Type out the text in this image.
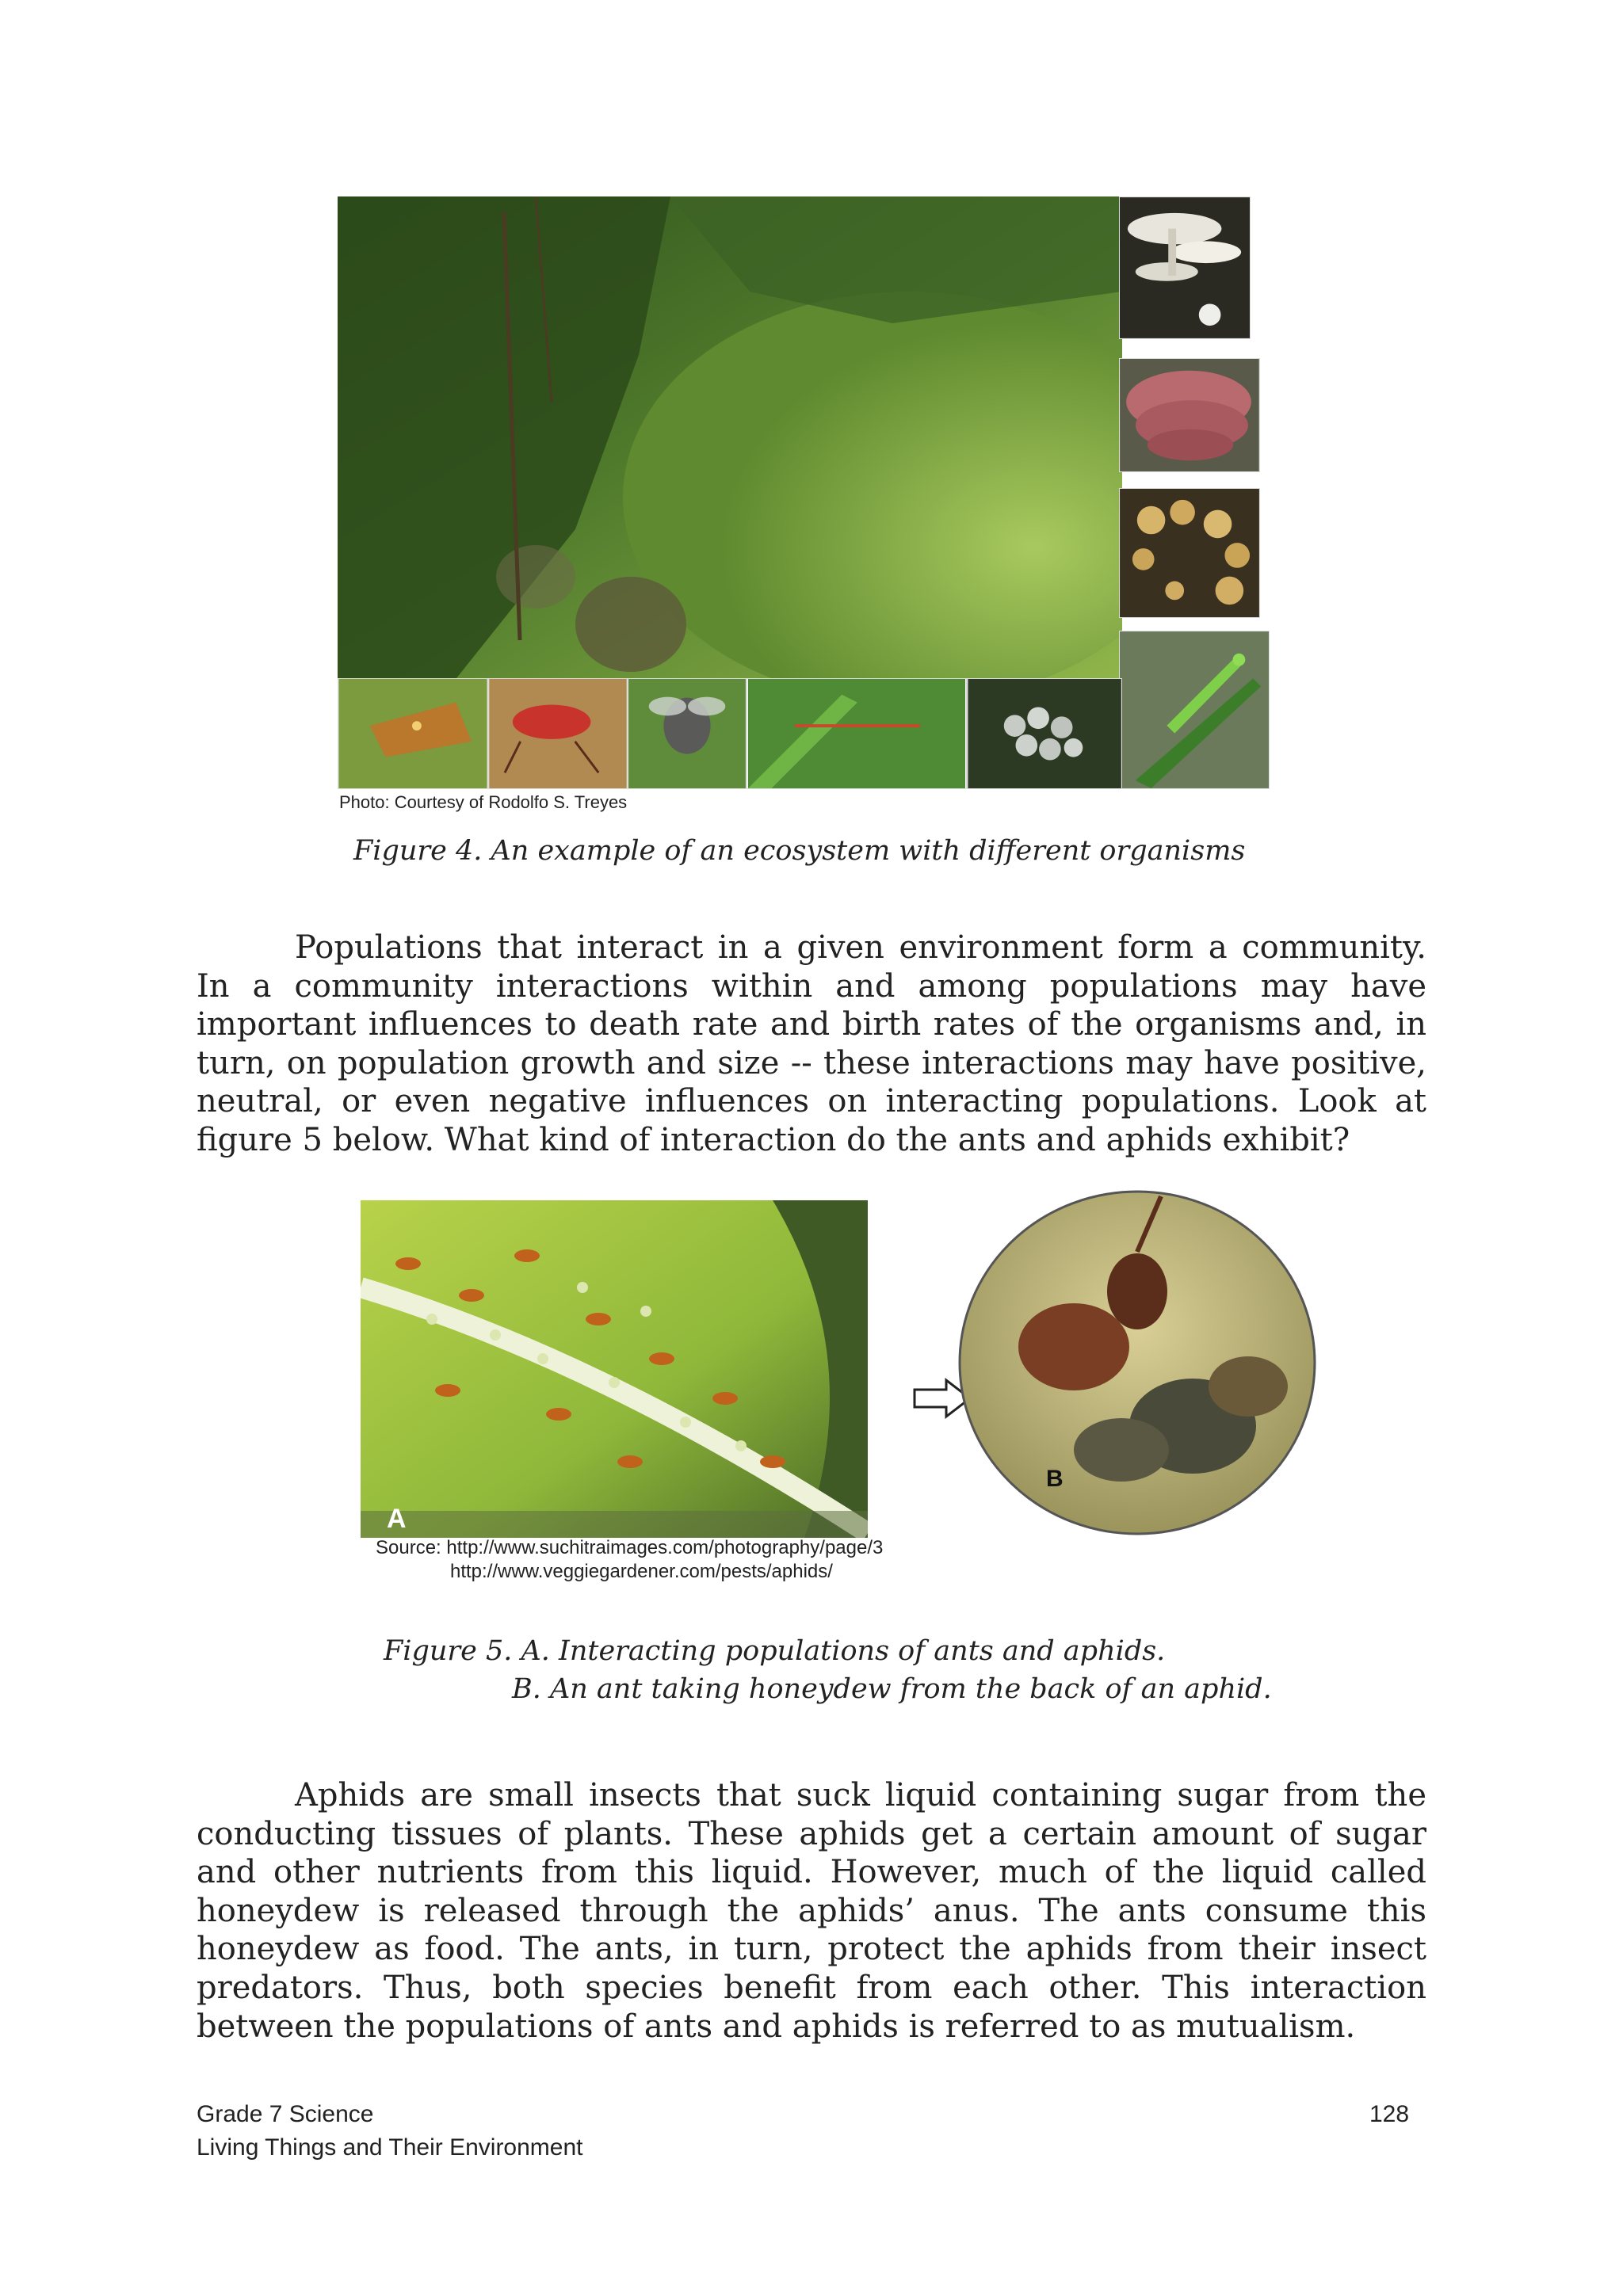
Photo: Courtesy of Rodolfo S. Treyes
Figure 4. An example of an ecosystem with different organisms
Populations that interact in a given environment form a community. In a community interactions within and among populations may have important influences to death rate and birth rates of the organisms and, in turn, on population growth and size -- these interactions may have positive, neutral, or even negative influences on interacting populations. Look at figure 5 below. What kind of interaction do the ants and aphids exhibit?
A
B
Source: http://www.suchitraimages.com/photography/page/3
http://www.veggiegardener.com/pests/aphids/
Figure 5. A. Interacting populations of ants and aphids.
B. An ant taking honeydew from the back of an aphid.
Aphids are small insects that suck liquid containing sugar from the conducting tissues of plants. These aphids get a certain amount of sugar and other nutrients from this liquid. However, much of the liquid called honeydew is released through the aphids’ anus. The ants consume this honeydew as food. The ants, in turn, protect the aphids from their insect predators. Thus, both species benefit from each other. This interaction between the populations of ants and aphids is referred to as mutualism.
Grade 7 Science
Living Things and Their Environment
128
